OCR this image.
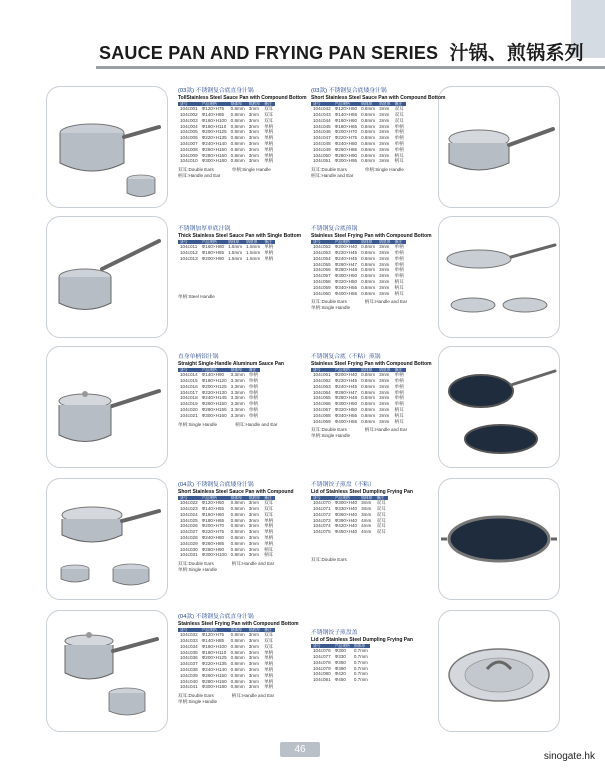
SAUCE PAN AND FRYING PAN SERIES 汁锅、煎锅系列
(03款) 不锈钢复合底直身汁锅
TollStainless Steel Sauce Pan with Compound Bottom
货号	产品规格	锅体厚	锅底厚	备注
104c001	Φ120×H75	0.8mm	3mm	双耳
104c002	Φ140×H85	0.8mm	3mm	双耳
104c003	Φ160×H100	0.8mm	3mm	双耳
104c004	Φ180×H110	0.8mm	3mm	单柄
104c005	Φ200×H125	0.8mm	3mm	单柄
104c006	Φ220×H135	0.8mm	3mm	单柄
104c007	Φ240×H140	0.8mm	3mm	单柄
104c008	Φ260×H150	0.8mm	3mm	单柄
104c009	Φ280×H160	0.8mm	3mm	单柄
104c010	Φ300×H180	0.8mm	3mm	单柄
双耳:Double Ears	单柄:Single Handle
柄耳:Handle and Ear
(03款) 不锈钢复合底矮身汁锅
Short Stainless Steel Sauce Pan with Compound Bottom
货号	产品规格	锅体厚	锅底厚	备注
104c042	Φ120×H50	0.8mm	3mm	双耳
104c043	Φ140×H55	0.8mm	3mm	双耳
104c044	Φ160×H60	0.8mm	3mm	双耳
104c045	Φ180×H65	0.8mm	3mm	单柄
104c046	Φ200×H70	0.8mm	3mm	单柄
104c047	Φ220×H75	0.8mm	3mm	单柄
104c048	Φ240×H80	0.8mm	3mm	单柄
104c049	Φ260×H85	0.8mm	3mm	单柄
104c050	Φ280×H90	0.8mm	3mm	柄耳
104c051	Φ300×H95	0.8mm	3mm	柄耳
双耳:Double Ears	单柄:Single Handle
柄耳:Handle and Ear
不锈钢加厚单底汁锅
Thick Stainless Steel Sauce Pan with Single Bottom
货号	产品规格	锅体厚	锅底厚	备注
104c011	Φ160×H80	1.5mm	1.5mm	单柄
104c012	Φ180×H85	1.5mm	1.5mm	单柄
104c013	Φ200×H90	1.5mm	1.5mm	单柄
单柄:Steel Handle
不锈钢复合底煎锅
Stainless Steel Frying Pan with Compound Bottom
货号	产品规格	锅体厚	锅底厚	备注
104c052	Φ200×H40	0.8mm	3mm	单柄
104c053	Φ220×H45	0.8mm	3mm	单柄
104c054	Φ240×H45	0.8mm	3mm	单柄
104c055	Φ260×H47	0.8mm	3mm	单柄
104c056	Φ280×H48	0.8mm	3mm	单柄
104c057	Φ300×H50	0.8mm	3mm	单柄
104c058	Φ320×H50	0.8mm	3mm	柄耳
104c059	Φ340×H55	0.8mm	3mm	柄耳
104c060	Φ400×H55	0.8mm	3mm	柄耳
双耳:Double Ears	柄耳:Handle and Ear
单柄:Single Handle
直身单柄铝汁锅
Straight Single-Handle Aluminum Sauce Pan
货号	产品规格	锅体厚	备注
104c014	Φ140×H90	3.3mm	单柄
104c015	Φ180×H120	3.3mm	单柄
104c016	Φ200×H125	3.3mm	单柄
104c017	Φ220×H130	3.3mm	单柄
104c018	Φ240×H145	3.3mm	单柄
104c019	Φ260×H150	3.3mm	单柄
104c020	Φ280×H155	3.3mm	单柄
104c021	Φ300×H160	3.3mm	单柄
单柄:Single Handle	柄耳:Handle and Ear
不锈钢复合底（不粘）煎锅
Stainless Steel Frying Pan with Compound Bottom
货号	产品规格	锅体厚	锅底厚	备注
104c061	Φ200×H40	0.8mm	3mm	单柄
104c062	Φ220×H45	0.8mm	3mm	单柄
104c063	Φ240×H45	0.8mm	3mm	单柄
104c064	Φ260×H47	0.8mm	3mm	单柄
104c065	Φ280×H48	0.8mm	3mm	单柄
104c066	Φ300×H50	0.8mm	3mm	单柄
104c067	Φ320×H50	0.8mm	3mm	柄耳
104c068	Φ340×H55	0.8mm	3mm	柄耳
104c069	Φ400×H55	0.8mm	3mm	柄耳
双耳:Double Ears	柄耳:Handle and Ear
单柄:Single Handle
(04款) 不锈钢复合底矮身汁锅
Short Stainless Steel Sauce Pan with Compound
货号	产品规格	锅体厚	锅底厚	备注
104c022	Φ120×H50	0.8mm	3mm	双耳
104c023	Φ140×H55	0.8mm	3mm	双耳
104c024	Φ160×H60	0.8mm	3mm	双耳
104c025	Φ180×H65	0.8mm	3mm	单柄
104c026	Φ200×H70	0.8mm	3mm	单柄
104c027	Φ220×H75	0.8mm	3mm	单柄
104c028	Φ240×H80	0.8mm	3mm	单柄
104c029	Φ260×H85	0.8mm	3mm	单柄
104c030	Φ280×H90	0.8mm	3mm	柄耳
104c031	Φ300×H100	0.8mm	3mm	柄耳
双耳:Double Ears	柄耳:Handle and Ear
单柄:Single Handle
不锈钢饺子煎盘（不粘）
Lid of Stainless Steel Dumpling Frying Pan
货号	产品规格	锅体厚	备注
104c070	Φ300×H40	3mm	双耳
104c071	Φ330×H40	3mm	双耳
104c072	Φ360×H40	3mm	双耳
104c073	Φ390×H40	4mm	双耳
104c074	Φ420×H40	4mm	双耳
104c075	Φ450×H40	4mm	双耳
双耳:Double Ears
(04款) 不锈钢复合底直身汁锅
Stainless Steel Frying Pan with Compound Bottom
货号	产品规格	锅体厚	锅底厚	备注
104c032	Φ120×H75	0.8mm	3mm	双耳
104c033	Φ140×H85	0.8mm	3mm	双耳
104c034	Φ160×H100	0.8mm	3mm	双耳
104c035	Φ180×H110	0.8mm	3mm	单柄
104c036	Φ200×H125	0.8mm	3mm	单柄
104c037	Φ220×H135	0.8mm	3mm	单柄
104c038	Φ240×H140	0.8mm	3mm	单柄
104c039	Φ260×H150	0.8mm	3mm	单柄
104c040	Φ280×H160	0.8mm	3mm	单柄
104c041	Φ300×H180	0.8mm	3mm	单柄
双耳:Double Ears	柄耳:Handle and Ear
单柄:Single Handle
不锈钢饺子煎盘盖
Lid of Stainless Steel Dumpling Frying Pan
货号	产品规格	锅体厚
104c076	Φ300	0.7mm
104c077	Φ330	0.7mm
104c078	Φ360	0.7mm
104c079	Φ390	0.7mm
104c080	Φ420	0.7mm
104c081	Φ450	0.7mm
46
sinogate.hk
